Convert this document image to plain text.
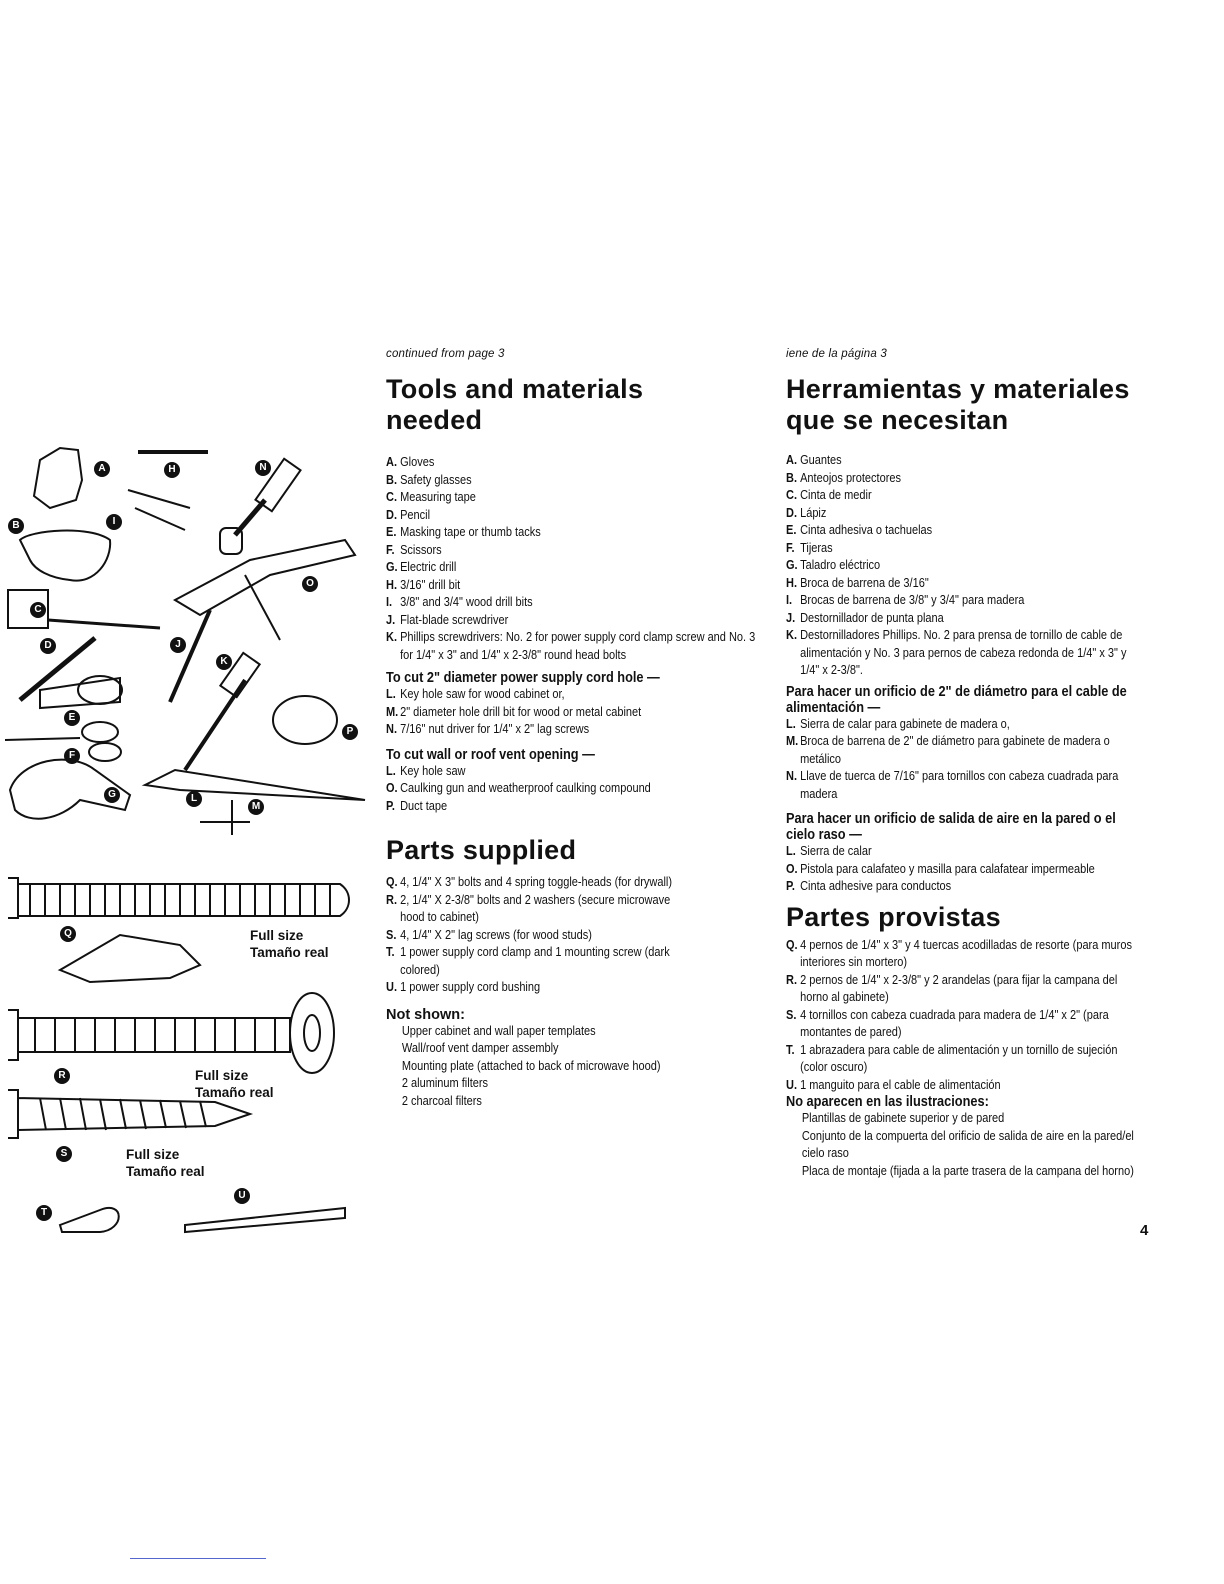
A	H	N
B	I
C
O
D	J
K
E
P
F
G	L
M
Q
R
S
T
U
Full size
Tamaño real
Full size
Tamaño real
Full size
Tamaño real
continued from page 3
Tools and materials
needed
A. Gloves
B. Safety glasses
C. Measuring tape
D. Pencil
E. Masking tape or thumb tacks
F. Scissors
G. Electric drill
H. 3/16" drill bit
I. 3/8" and 3/4" wood drill bits
J. Flat-blade screwdriver
K. Phillips screwdrivers: No. 2 for power supply cord clamp screw and No. 3 for 1/4" x 3" and 1/4" x 2-3/8" round head bolts
To cut 2" diameter power supply cord hole —
L. Key hole saw for wood cabinet or,
M. 2" diameter hole drill bit for wood or metal cabinet
N. 7/16" nut driver for 1/4" x 2" lag screws
To cut wall or roof vent opening —
L. Key hole saw
O. Caulking gun and weatherproof caulking compound
P. Duct tape
Parts supplied
Q. 4, 1/4" X 3" bolts and 4 spring toggle-heads (for drywall)
R. 2, 1/4" X 2-3/8" bolts and 2 washers (secure microwave hood to cabinet)
S. 4, 1/4" X 2" lag screws (for wood studs)
T. 1 power supply cord clamp and 1 mounting screw (dark colored)
U. 1 power supply cord bushing
Not shown:
Upper cabinet and wall paper templates
Wall/roof vent damper assembly
Mounting plate (attached to back of microwave hood)
2 aluminum filters
2 charcoal filters
iene de la página 3
Herramientas y materiales
que se necesitan
A. Guantes
B. Anteojos protectores
C. Cinta de medir
D. Lápiz
E. Cinta adhesiva o tachuelas
F. Tijeras
G. Taladro eléctrico
H. Broca de barrena de 3/16"
I. Brocas de barrena de 3/8" y 3/4" para madera
J. Destornillador de punta plana
K. Destornilladores Phillips. No. 2 para prensa de tornillo de cable de alimentación y No. 3 para pernos de cabeza redonda de 1/4" x 3" y 1/4" x 2-3/8".
Para hacer un orificio de 2" de diámetro para el cable de alimentación —
L. Sierra de calar para gabinete de madera o,
M. Broca de barrena de 2" de diámetro para gabinete de madera o metálico
N. Llave de tuerca de 7/16" para tornillos con cabeza cuadrada para madera
Para hacer un orificio de salida de aire en la pared o el cielo raso —
L. Sierra de calar
O. Pistola para calafateo y masilla para calafatear impermeable
P. Cinta adhesive para conductos
Partes provistas
Q. 4 pernos de 1/4" x 3" y 4 tuercas acodilladas de resorte (para muros interiores sin mortero)
R. 2 pernos de 1/4" x 2-3/8" y 2 arandelas (para fijar la campana del horno al gabinete)
S. 4 tornillos con cabeza cuadrada para madera de 1/4" x 2" (para montantes de pared)
T. 1 abrazadera para cable de alimentación y un tornillo de sujeción (color oscuro)
U. 1 manguito para el cable de alimentación
No aparecen en las ilustraciones:
Plantillas de gabinete superior y de pared
Conjunto de la compuerta del orificio de salida de aire en la pared/el cielo raso
Placa de montaje (fijada a la parte trasera de la campana del horno)
4
